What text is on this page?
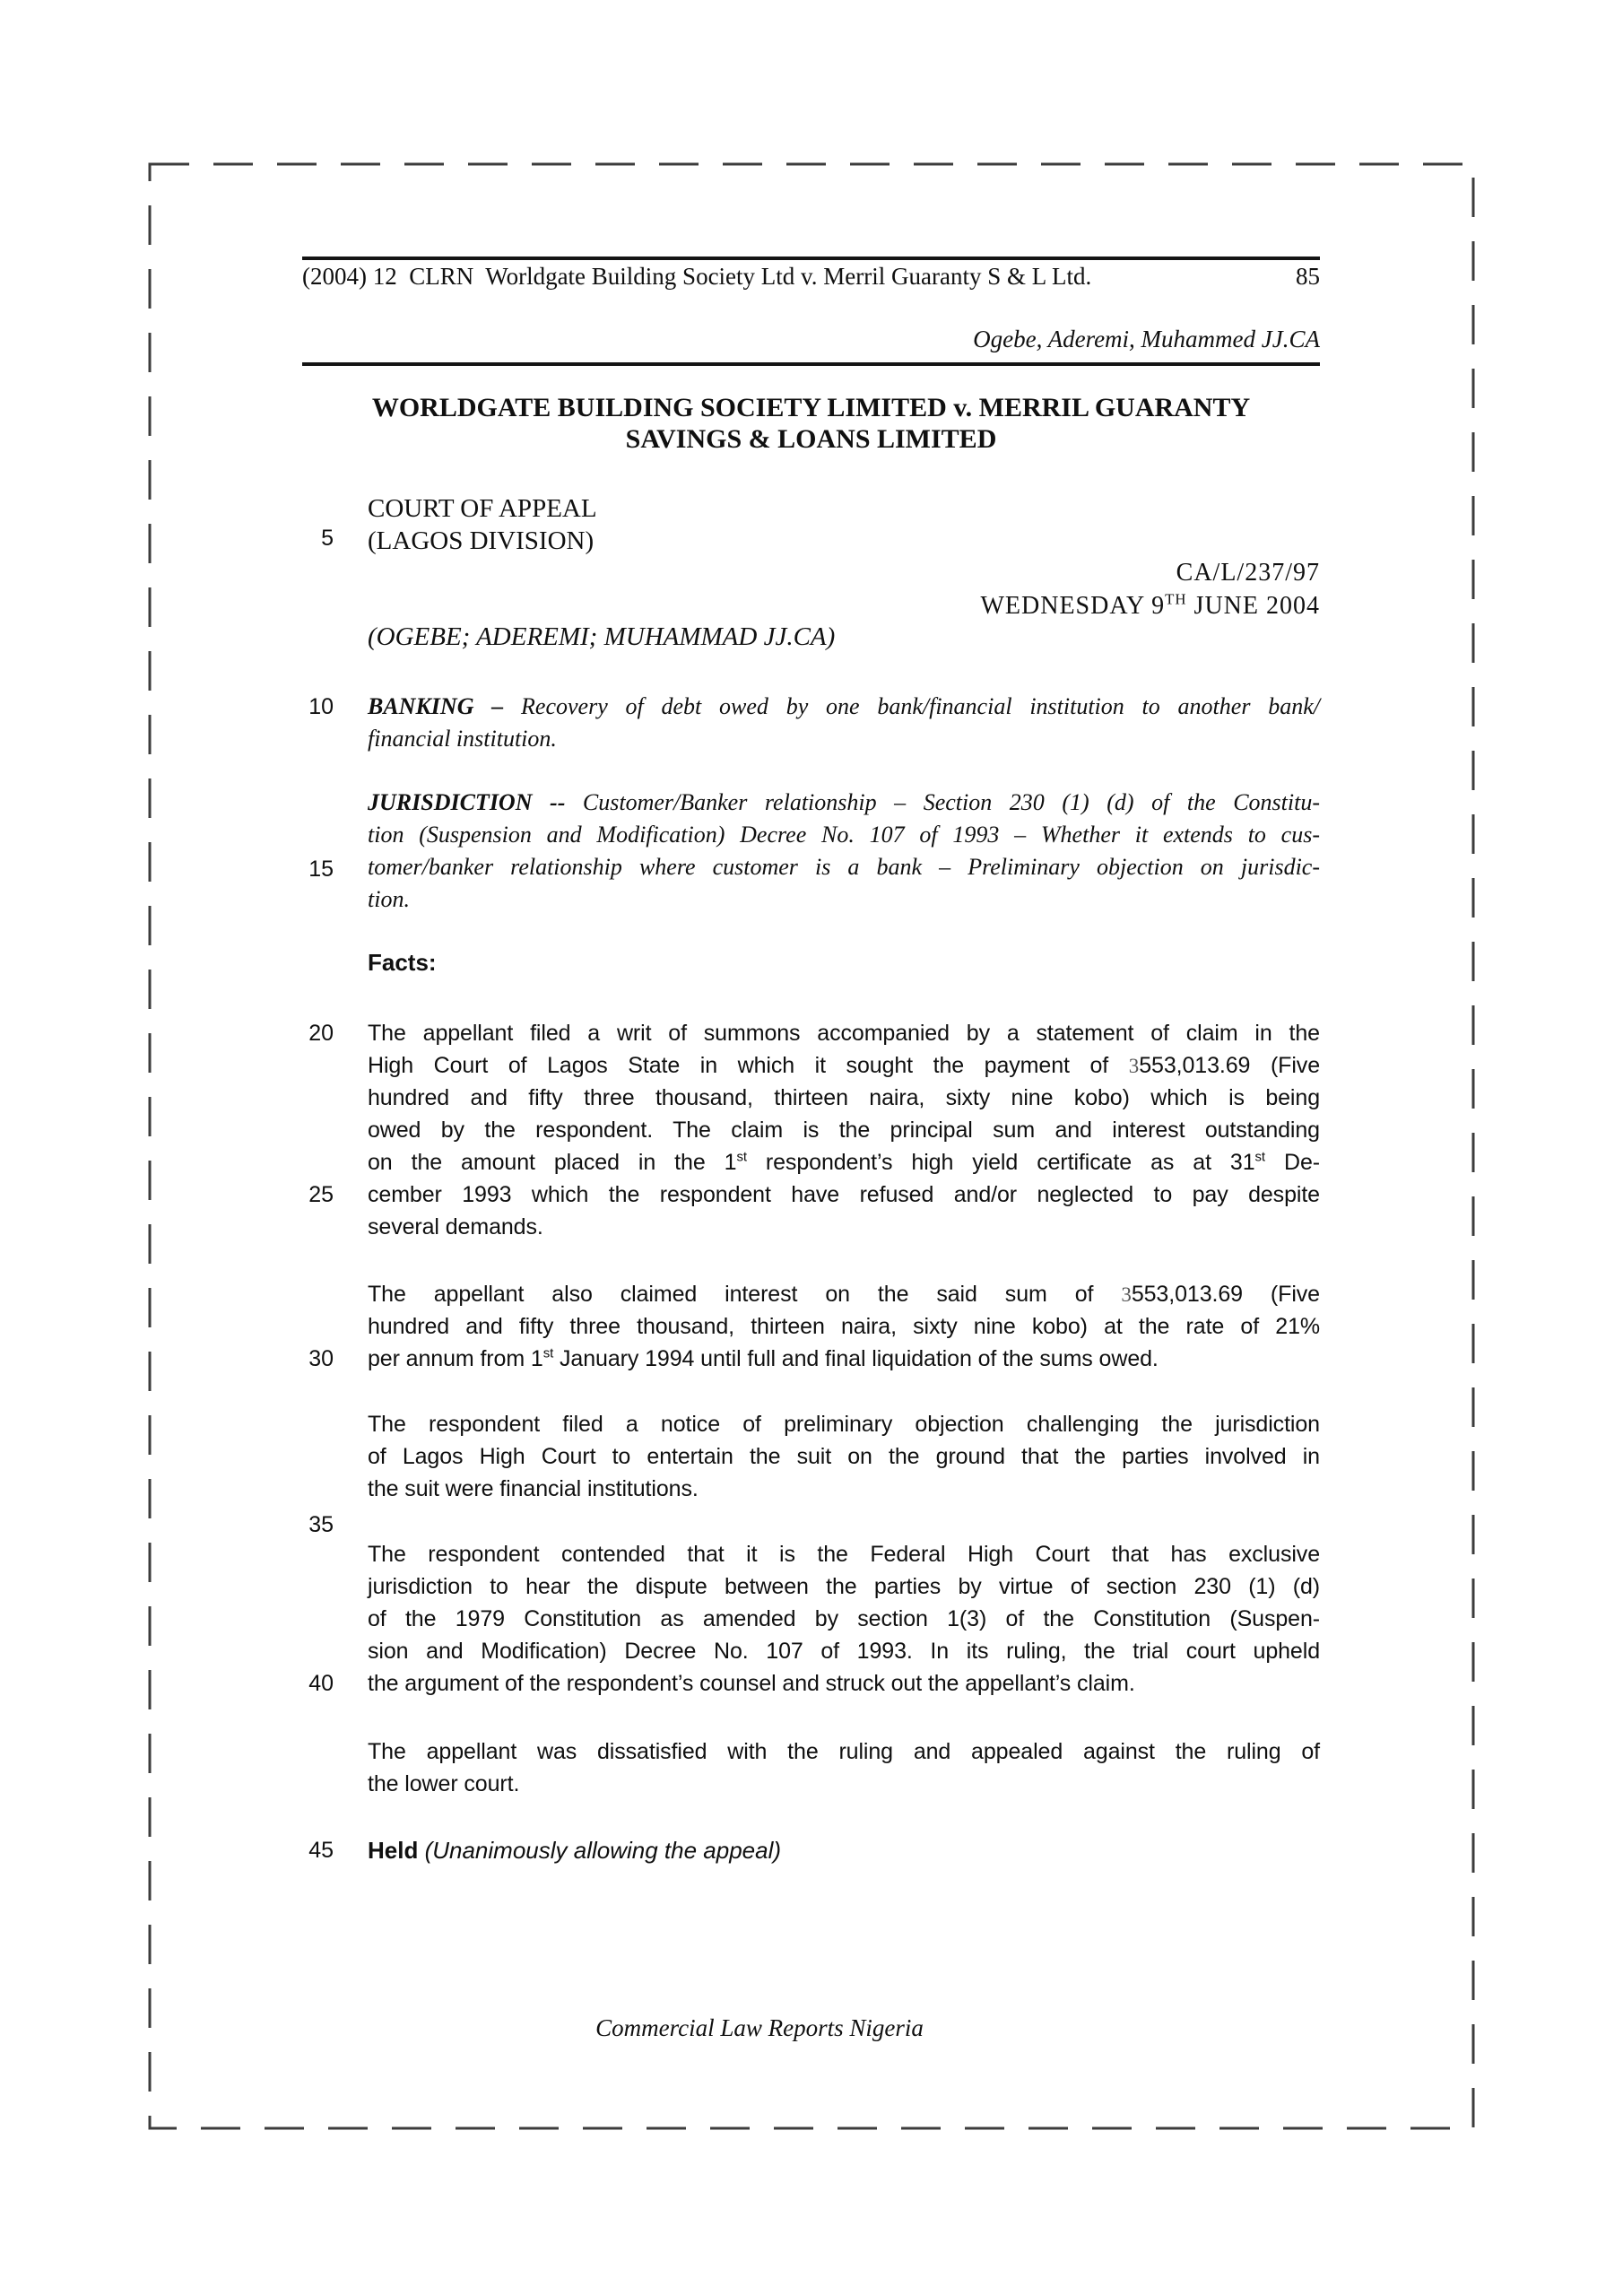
(2004) 12  CLRN  Worldgate Building Society Ltd v. Merril Guaranty S & L Ltd.	85
Ogebe, Aderemi, Muhammed JJ.CA
WORLDGATE BUILDING SOCIETY LIMITED v. MERRIL GUARANTY
SAVINGS & LOANS LIMITED
COURT OF APPEAL
(LAGOS DIVISION)
CA/L/237/97
WEDNESDAY 9TH JUNE 2004
(OGEBE; ADEREMI; MUHAMMAD JJ.CA)
BANKING – Recovery of debt owed by one bank/financial institution to another bank/
financial institution.
JURISDICTION -- Customer/Banker relationship – Section 230 (1) (d) of the Constitu-
tion (Suspension and Modification) Decree No. 107 of 1993 – Whether it extends to cus-
tomer/banker relationship where customer is a bank – Preliminary objection on jurisdic-
tion.
Facts:
The appellant filed a writ of summons accompanied by a statement of claim in the
High Court of Lagos State in which it sought the payment of 3553,013.69 (Five
hundred and fifty three thousand, thirteen naira, sixty nine kobo) which is being
owed by the respondent. The claim is the principal sum and interest outstanding
on the amount placed in the 1st respondent’s high yield certificate as at 31st De-
cember 1993 which the respondent have refused and/or neglected to pay despite
several demands.
The appellant also claimed interest on the said sum of 3553,013.69 (Five
hundred and fifty three thousand, thirteen naira, sixty nine kobo) at the rate of 21%
per annum from 1st January 1994 until full and final liquidation of the sums owed.
The respondent filed a notice of preliminary objection challenging the jurisdiction
of Lagos High Court to entertain the suit on the ground that the parties involved in
the suit were financial institutions.
The respondent contended that it is the Federal High Court that has exclusive
jurisdiction to hear the dispute between the parties by virtue of section 230 (1) (d)
of the 1979 Constitution as amended by section 1(3) of the Constitution (Suspen-
sion and Modification) Decree No. 107 of 1993. In its ruling, the trial court upheld
the argument of the respondent’s counsel and struck out the appellant’s claim.
The appellant was dissatisfied with the ruling and appealed against the ruling of
the lower court.
5
10
15
20
25
30
35
40
45 Held (Unanimously allowing the appeal)
Commercial Law Reports Nigeria
